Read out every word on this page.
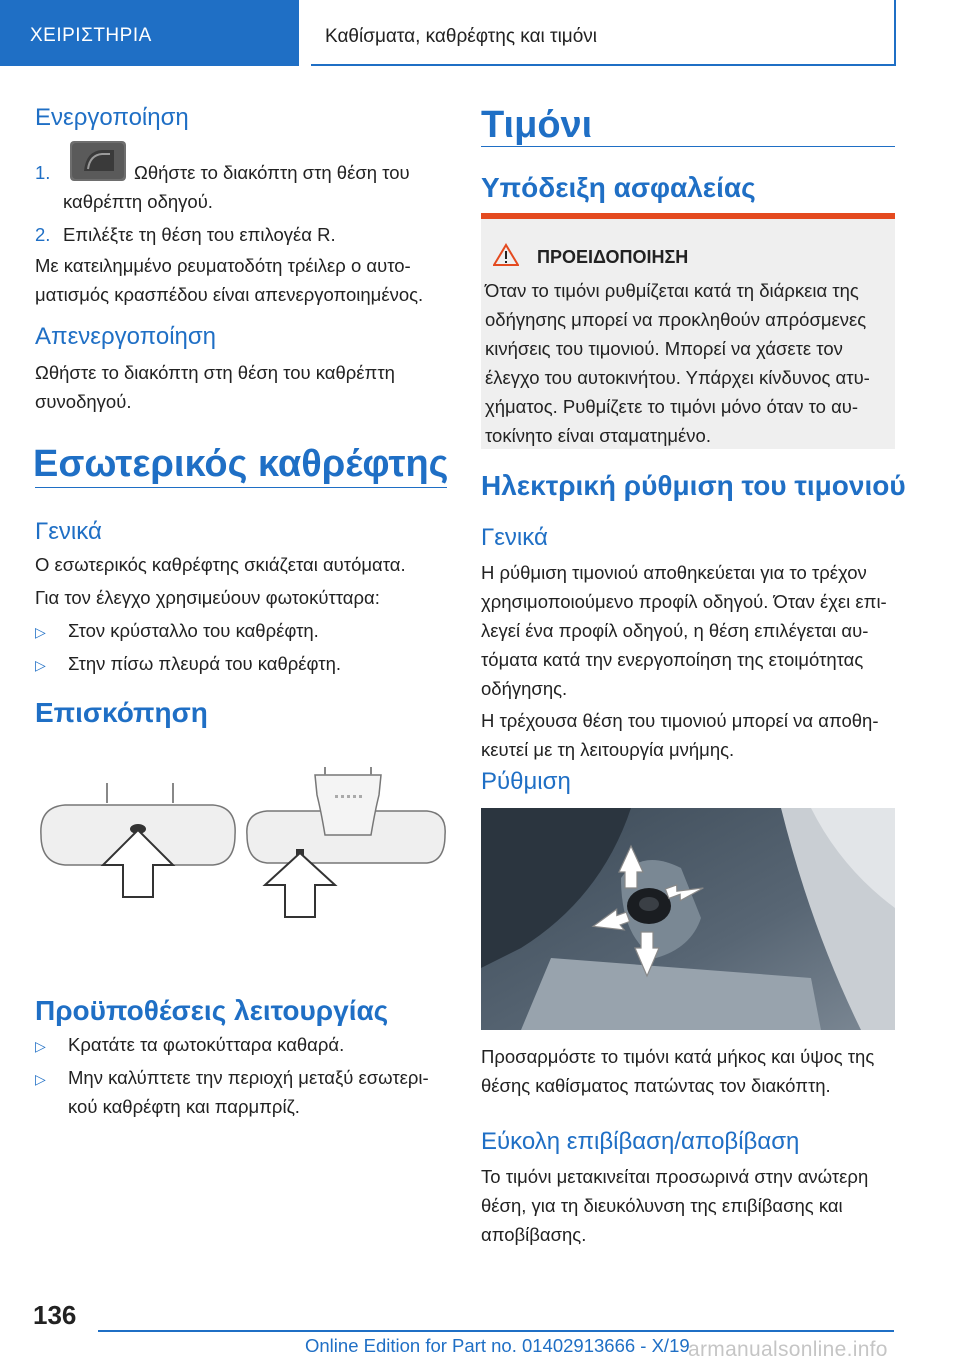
ΧΕΙΡΙΣΤΗΡΙΑ	Καθίσματα, καθρέφτης και τιμόνι
Ενεργοποίηση
1.	Ωθήστε το διακόπτη στη θέση του
καθρέπτη οδηγού.
2. Επιλέξτε τη θέση του επιλογέα R.
Με κατειλημμένο ρευματοδότη τρέιλερ ο αυτο-
ματισμός κρασπέδου είναι απενεργοποιημένος.
Απενεργοποίηση
Ωθήστε το διακόπτη στη θέση του καθρέπτη
συνοδηγού.
Εσωτερικός καθρέφτης
Γενικά
Ο εσωτερικός καθρέφτης σκιάζεται αυτόματα.
Για τον έλεγχο χρησιμεύουν φωτοκύτταρα:
▷ Στον κρύσταλλο του καθρέφτη.
▷ Στην πίσω πλευρά του καθρέφτη.
Επισκόπηση
Προϋποθέσεις λειτουργίας
▷ Κρατάτε τα φωτοκύτταρα καθαρά.
▷ Μην καλύπτετε την περιοχή μεταξύ εσωτερι-
κού καθρέφτη και παρμπρίζ.
Τιμόνι
Υπόδειξη ασφαλείας
ΠΡΟΕΙΔΟΠΟΙΗΣΗ
Όταν το τιμόνι ρυθμίζεται κατά τη διάρκεια της
οδήγησης μπορεί να προκληθούν απρόσμενες
κινήσεις του τιμονιού. Μπορεί να χάσετε τον
έλεγχο του αυτοκινήτου. Υπάρχει κίνδυνος ατυ-
χήματος. Ρυθμίζετε το τιμόνι μόνο όταν το αυ-
τοκίνητο είναι σταματημένο.
Ηλεκτρική ρύθμιση του τιμονιού
Γενικά
Η ρύθμιση τιμονιού αποθηκεύεται για το τρέχον
χρησιμοποιούμενο προφίλ οδηγού. Όταν έχει επι-
λεγεί ένα προφίλ οδηγού, η θέση επιλέγεται αυ-
τόματα κατά την ενεργοποίηση της ετοιμότητας
οδήγησης.
Η τρέχουσα θέση του τιμονιού μπορεί να αποθη-
κευτεί με τη λειτουργία μνήμης.
Ρύθμιση
Προσαρμόστε το τιμόνι κατά μήκος και ύψος της
θέσης καθίσματος πατώντας τον διακόπτη.
Εύκολη επιβίβαση/αποβίβαση
Το τιμόνι μετακινείται προσωρινά στην ανώτερη
θέση, για τη διευκόλυνση της επιβίβασης και
αποβίβασης.
136
Online Edition for Part no. 01402913666 - X/19
armanualsonline.info
